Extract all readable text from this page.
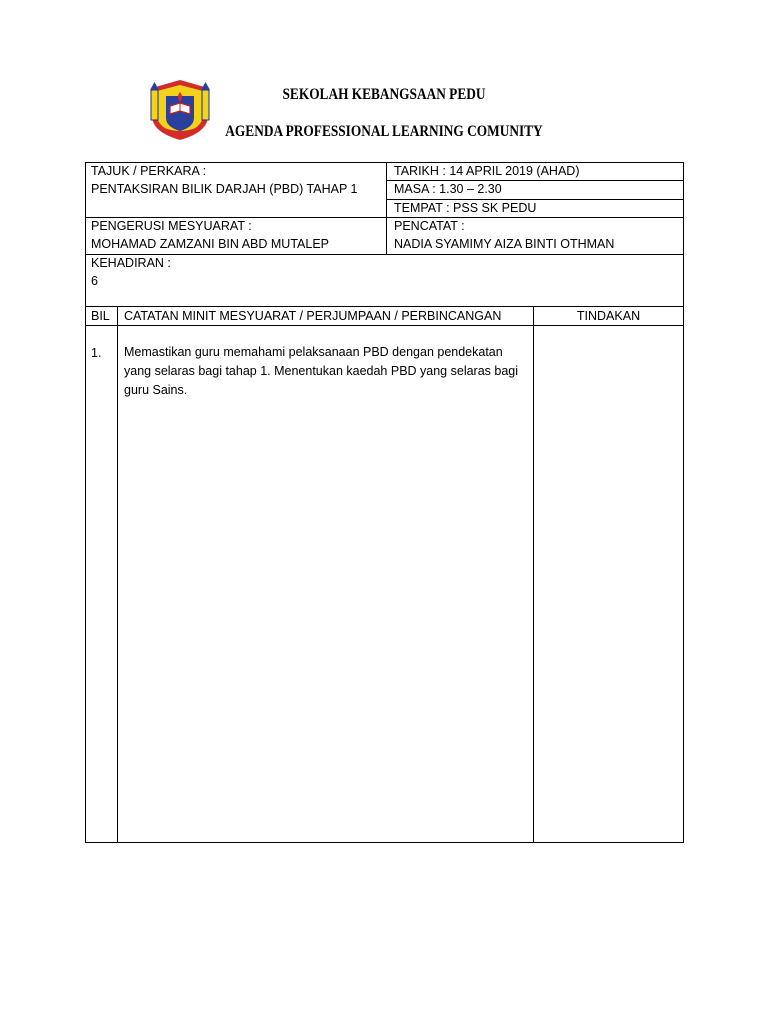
SEKOLAH KEBANGSAAN PEDU
AGENDA PROFESSIONAL LEARNING COMUNITY
TAJUK / PERKARA :
PENTAKSIRAN BILIK DARJAH (PBD) TAHAP 1
TARIKH : 14 APRIL 2019 (AHAD)
MASA : 1.30 – 2.30
TEMPAT : PSS SK PEDU
PENGERUSI MESYUARAT :
MOHAMAD ZAMZANI BIN ABD MUTALEP
PENCATAT :
NADIA SYAMIMY AIZA BINTI OTHMAN
KEHADIRAN :
6
BIL CATATAN MINIT MESYUARAT / PERJUMPAAN / PERBINCANGAN	TINDAKAN
1. Memastikan guru memahami pelaksanaan PBD dengan pendekatan yang selaras bagi tahap 1. Menentukan kaedah PBD yang selaras bagi guru Sains.
